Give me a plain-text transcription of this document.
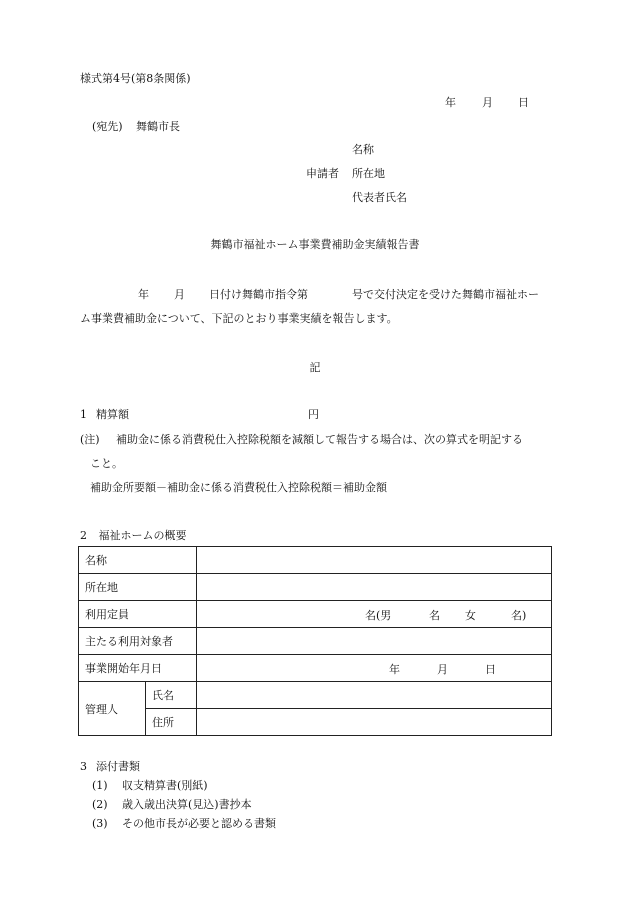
様式第4号(第8条関係)
年 月 日
(宛先) 舞鶴市長
名称
申請者 所在地
代表者氏名
舞鶴市福祉ホーム事業費補助金実績報告書
年 月 日付け舞鶴市指令第	号で交付決定を受けた舞鶴市福祉ホー
ム事業費補助金について、下記のとおり事業実績を報告します。
記
1 精算額	円
(注) 補助金に係る消費税仕入控除税額を減額して報告する場合は、次の算式を明記する
こと。
補助金所要額－補助金に係る消費税仕入控除税額＝補助金額
2 福祉ホームの概要
名称		
所在地		
利用定員		名(男 名 女 名)

主たる利用対象者		
事業開始年月日		年 月 日

管理人	氏名	
	住所	
3 添付書類
(1) 収支精算書(別紙)
(2) 歳入歳出決算(見込)書抄本
(3) その他市長が必要と認める書類
